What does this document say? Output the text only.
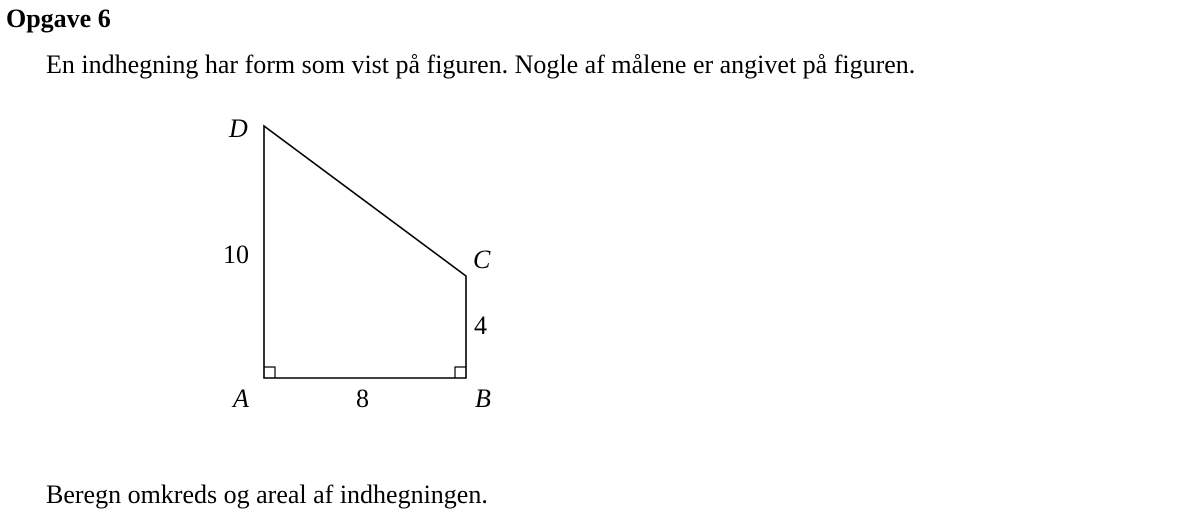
Opgave 6

En indhegning har form som vist på figuren. Nogle af målene er angivet på figuren.

D
C
A	B
10
4
8

Beregn omkreds og areal af indhegningen.
